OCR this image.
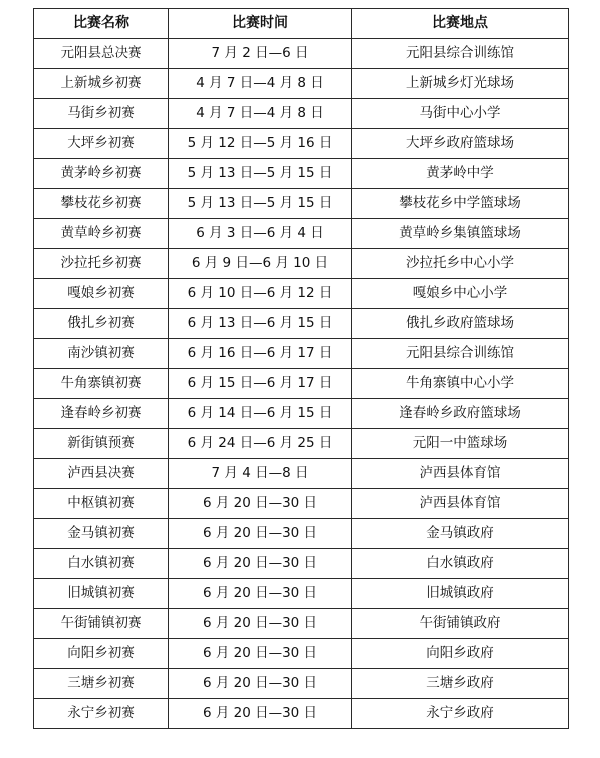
比赛名称	比赛时间	比赛地点
元阳县总决赛	7 月 2 日—6 日	元阳县综合训练馆
上新城乡初赛	4 月 7 日—4 月 8 日	上新城乡灯光球场
马街乡初赛	4 月 7 日—4 月 8 日	马街中心小学
大坪乡初赛	5 月 12 日—5 月 16 日	大坪乡政府篮球场
黄茅岭乡初赛	5 月 13 日—5 月 15 日	黄茅岭中学
攀枝花乡初赛	5 月 13 日—5 月 15 日	攀枝花乡中学篮球场
黄草岭乡初赛	6 月 3 日—6 月 4 日	黄草岭乡集镇篮球场
沙拉托乡初赛	6 月 9 日—6 月 10 日	沙拉托乡中心小学
嘎娘乡初赛	6 月 10 日—6 月 12 日	嘎娘乡中心小学
俄扎乡初赛	6 月 13 日—6 月 15 日	俄扎乡政府篮球场
南沙镇初赛	6 月 16 日—6 月 17 日	元阳县综合训练馆
牛角寨镇初赛	6 月 15 日—6 月 17 日	牛角寨镇中心小学
逢春岭乡初赛	6 月 14 日—6 月 15 日	逢春岭乡政府篮球场
新街镇预赛	6 月 24 日—6 月 25 日	元阳一中篮球场
泸西县决赛	7 月 4 日—8 日	泸西县体育馆
中枢镇初赛	6 月 20 日—30 日	泸西县体育馆
金马镇初赛	6 月 20 日—30 日	金马镇政府
白水镇初赛	6 月 20 日—30 日	白水镇政府
旧城镇初赛	6 月 20 日—30 日	旧城镇政府
午街铺镇初赛	6 月 20 日—30 日	午街铺镇政府
向阳乡初赛	6 月 20 日—30 日	向阳乡政府
三塘乡初赛	6 月 20 日—30 日	三塘乡政府
永宁乡初赛	6 月 20 日—30 日	永宁乡政府
